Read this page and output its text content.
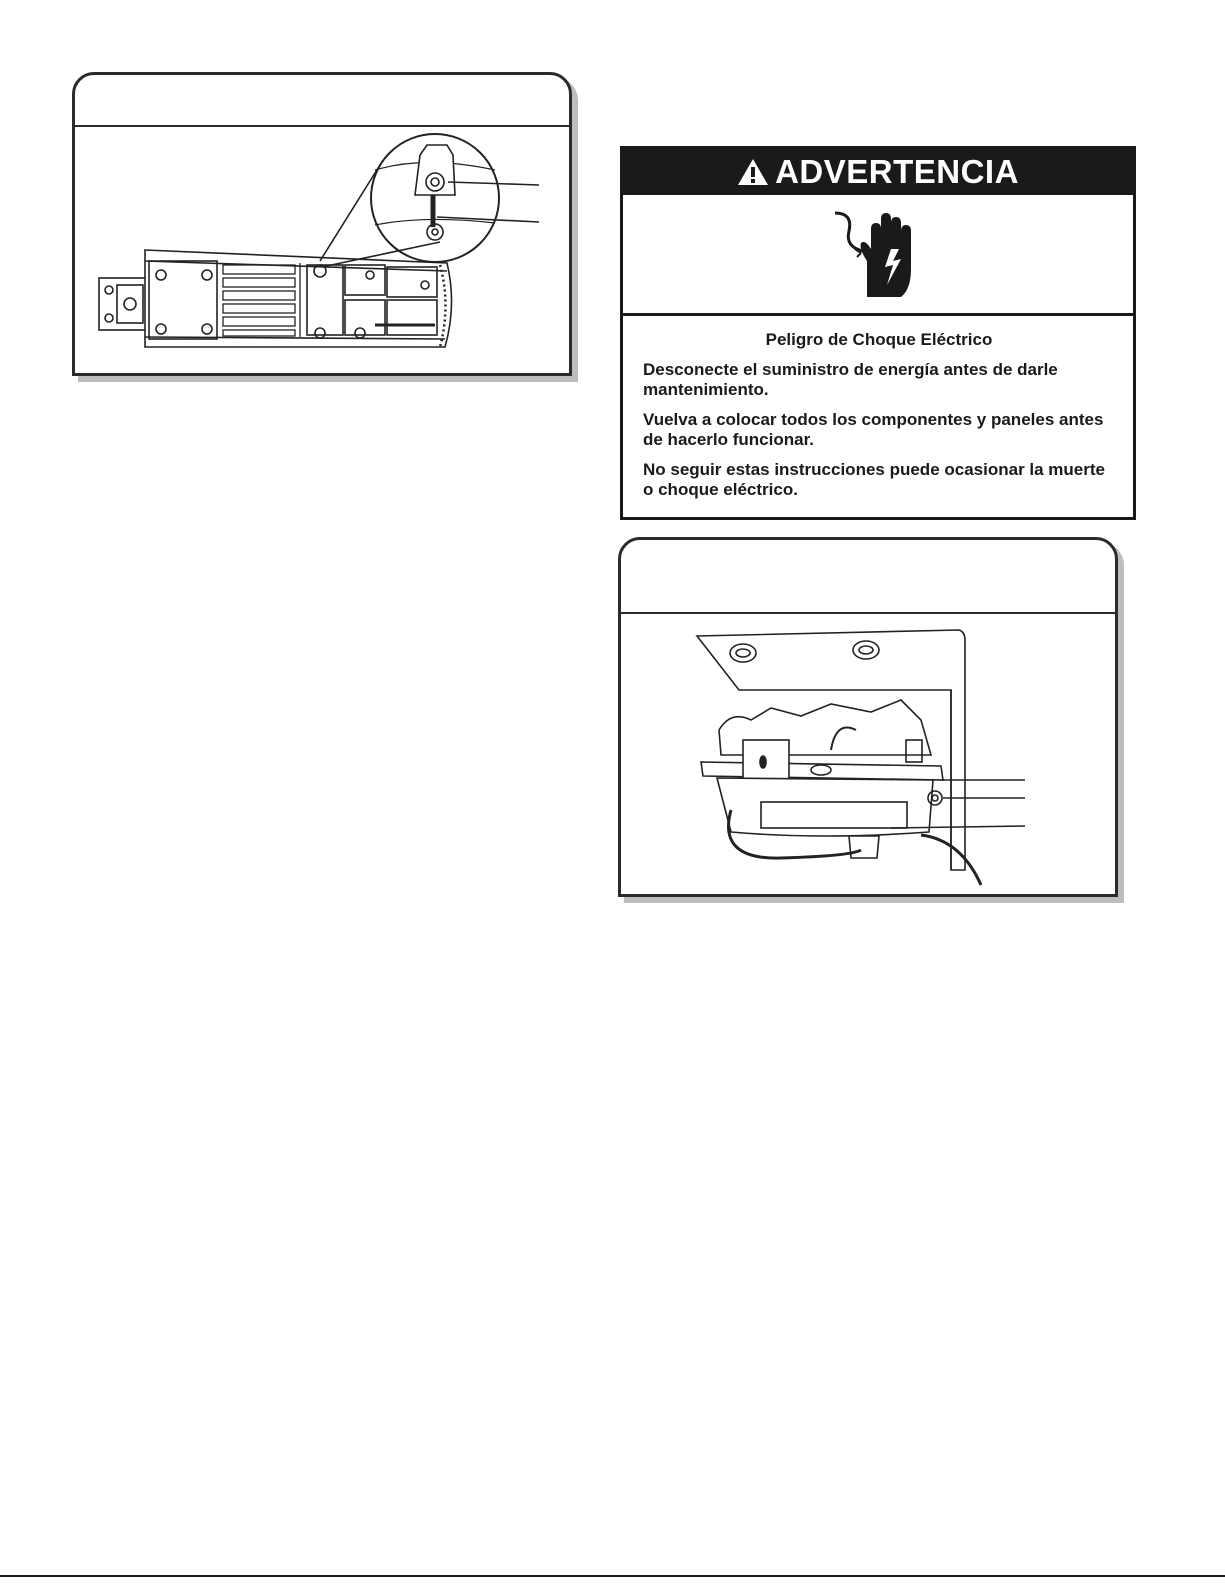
ADVERTENCIA
Peligro de Choque Eléctrico

Desconecte el suministro de energía antes de darle mantenimiento.

Vuelva a colocar todos los componentes y paneles antes de hacerlo funcionar.

No seguir estas instrucciones puede ocasionar la muerte o choque eléctrico.
